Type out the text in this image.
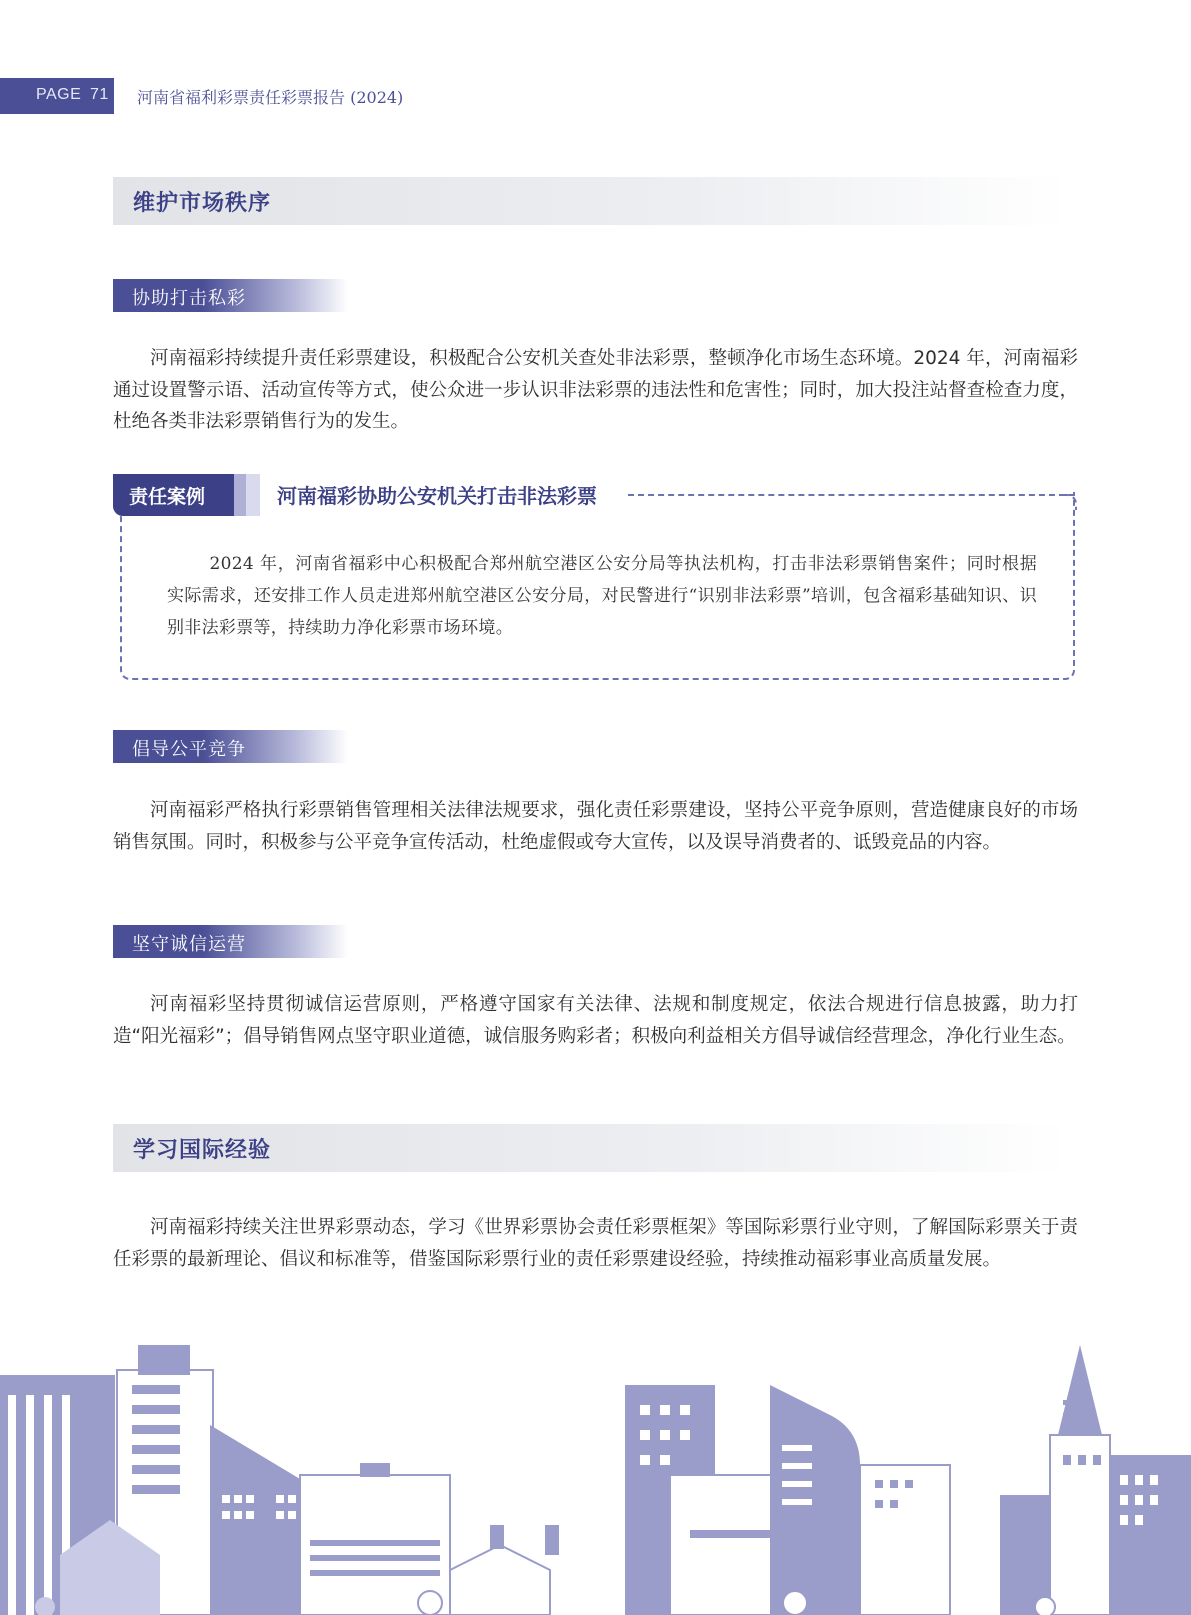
PAGE 71 河南省福利彩票责任彩票报告 (2024)
维护市场秩序
协助打击私彩

河南福彩持续提升责任彩票建设，积极配合公安机关查处非法彩票，整顿净化市场生态环境。2024 年，河南福彩通过设置警示语、活动宣传等方式，使公众进一步认识非法彩票的违法性和危害性；同时，加大投注站督查检查力度，杜绝各类非法彩票销售行为的发生。

责任案例	河南福彩协助公安机关打击非法彩票

2024 年，河南省福彩中心积极配合郑州航空港区公安分局等执法机构，打击非法彩票销售案件；同时根据实际需求，还安排工作人员走进郑州航空港区公安分局，对民警进行“识别非法彩票”培训，包含福彩基础知识、识别非法彩票等，持续助力净化彩票市场环境。

倡导公平竞争

河南福彩严格执行彩票销售管理相关法律法规要求，强化责任彩票建设，坚持公平竞争原则，营造健康良好的市场销售氛围。同时，积极参与公平竞争宣传活动，杜绝虚假或夸大宣传，以及误导消费者的、诋毁竞品的内容。

坚守诚信运营

河南福彩坚持贯彻诚信运营原则，严格遵守国家有关法律、法规和制度规定，依法合规进行信息披露，助力打造“阳光福彩”；倡导销售网点坚守职业道德，诚信服务购彩者；积极向利益相关方倡导诚信经营理念，净化行业生态。

学习国际经验

河南福彩持续关注世界彩票动态，学习《世界彩票协会责任彩票框架》等国际彩票行业守则，了解国际彩票关于责任彩票的最新理论、倡议和标准等，借鉴国际彩票行业的责任彩票建设经验，持续推动福彩事业高质量发展。
